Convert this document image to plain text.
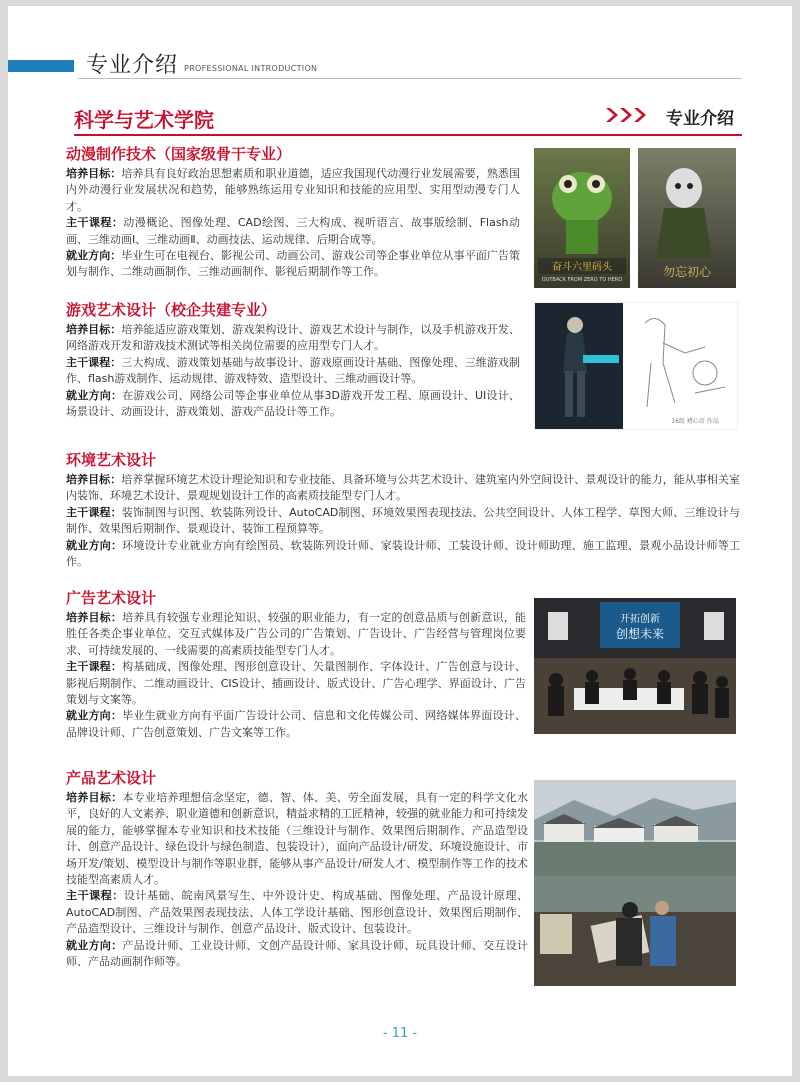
专业介绍 PROFESSIONAL INTRODUCTION
科学与艺术学院	专业介绍
动漫制作技术（国家级骨干专业）

培养目标：培养具有良好政治思想素质和职业道德，适应我国现代动漫行业发展需要，熟悉国内外动漫行业发展状况和趋势，能够熟练运用专业知识和技能的应用型、实用型动漫专门人才。

主干课程：动漫概论、图像处理、CAD绘图、三大构成、视听语言、故事版绘制、Flash动画、三维动画Ⅰ、三维动画Ⅱ、动画技法、运动规律、后期合成等。

就业方向：毕业生可在电视台、影视公司、动画公司、游戏公司等企事业单位从事平面广告策划与制作、二维动画制作、三维动画制作、影视后期制作等工作。	奋斗六里码头
OUTBACK FROM ZERO TO HERO
勿忘初心
游戏艺术设计（校企共建专业）

培养目标：培养能适应游戏策划、游戏架构设计、游戏艺术设计与制作，以及手机游戏开发、网络游戏开发和游戏技术测试等相关岗位需要的应用型专门人才。

主干课程：三大构成、游戏策划基础与故事设计、游戏原画设计基础、图像处理、三维游戏制作、flash游戏制作、运动规律、游戏特效、造型设计、三维动画设计等。

就业方向：在游戏公司、网络公司等企事业单位从事3D游戏开发工程、原画设计、UI设计、场景设计、动画设计、游戏策划、游戏产品设计等工作。

16级 褚心语 作品
环境艺术设计

培养目标：培养掌握环境艺术设计理论知识和专业技能、具备环境与公共艺术设计、建筑室内外空间设计、景观设计的能力，能从事相关室内装饰、环境艺术设计、景观规划设计工作的高素质技能型专门人才。

主干课程：装饰制图与识图、软装陈列设计、AutoCAD制图、环境效果图表现技法、公共空间设计、人体工程学、草图大师、三维设计与制作、效果图后期制作、景观设计、装饰工程预算等。

就业方向：环境设计专业就业方向有绘图员、软装陈列设计师、家装设计师、工装设计师、设计师助理、施工监理、景观小品设计师等工作。

广告艺术设计

培养目标：培养具有较强专业理论知识、较强的职业能力，有一定的创意品质与创新意识，能胜任各类企事业单位、交互式媒体及广告公司的广告策划、广告设计、广告经营与管理岗位要求、可持续发展的、一线需要的高素质技能型专门人才。

主干课程：构基础成、图像处理、图形创意设计、矢量图制作、字体设计、广告创意与设计、影视后期制作、二维动画设计、CIS设计、插画设计、版式设计、广告心理学、界面设计、广告策划与文案等。

就业方向：毕业生就业方向有平面广告设计公司、信息和文化传媒公司、网络媒体界面设计、品牌设计师、广告创意策划、广告文案等工作。

开拓创新
创想未来
产品艺术设计

培养目标：本专业培养理想信念坚定，德、智、体、美、劳全面发展，具有一定的科学文化水平，良好的人文素养、职业道德和创新意识，精益求精的工匠精神，较强的就业能力和可持续发展的能力，能够掌握本专业知识和技术技能（三维设计与制作、效果图后期制作、产品造型设计、创意产品设计、绿色设计与绿色制造、包装设计），面向产品设计/研发、环境设施设计、市场开发/策划、模型设计与制作等职业群，能够从事产品设计/研发人才、模型制作等工作的技术技能型高素质人才。

主干课程：设计基础、皖南风景写生、中外设计史、构成基础、图像处理、产品设计原理、AutoCAD制图、产品效果图表现技法、人体工学设计基础、图形创意设计、效果图后期制作、产品造型设计、三维设计与制作、创意产品设计、版式设计、包装设计。

就业方向：产品设计师、工业设计师、文创产品设计师、家具设计师、玩具设计师、交互设计师、产品动画制作师等。

- 11 -
